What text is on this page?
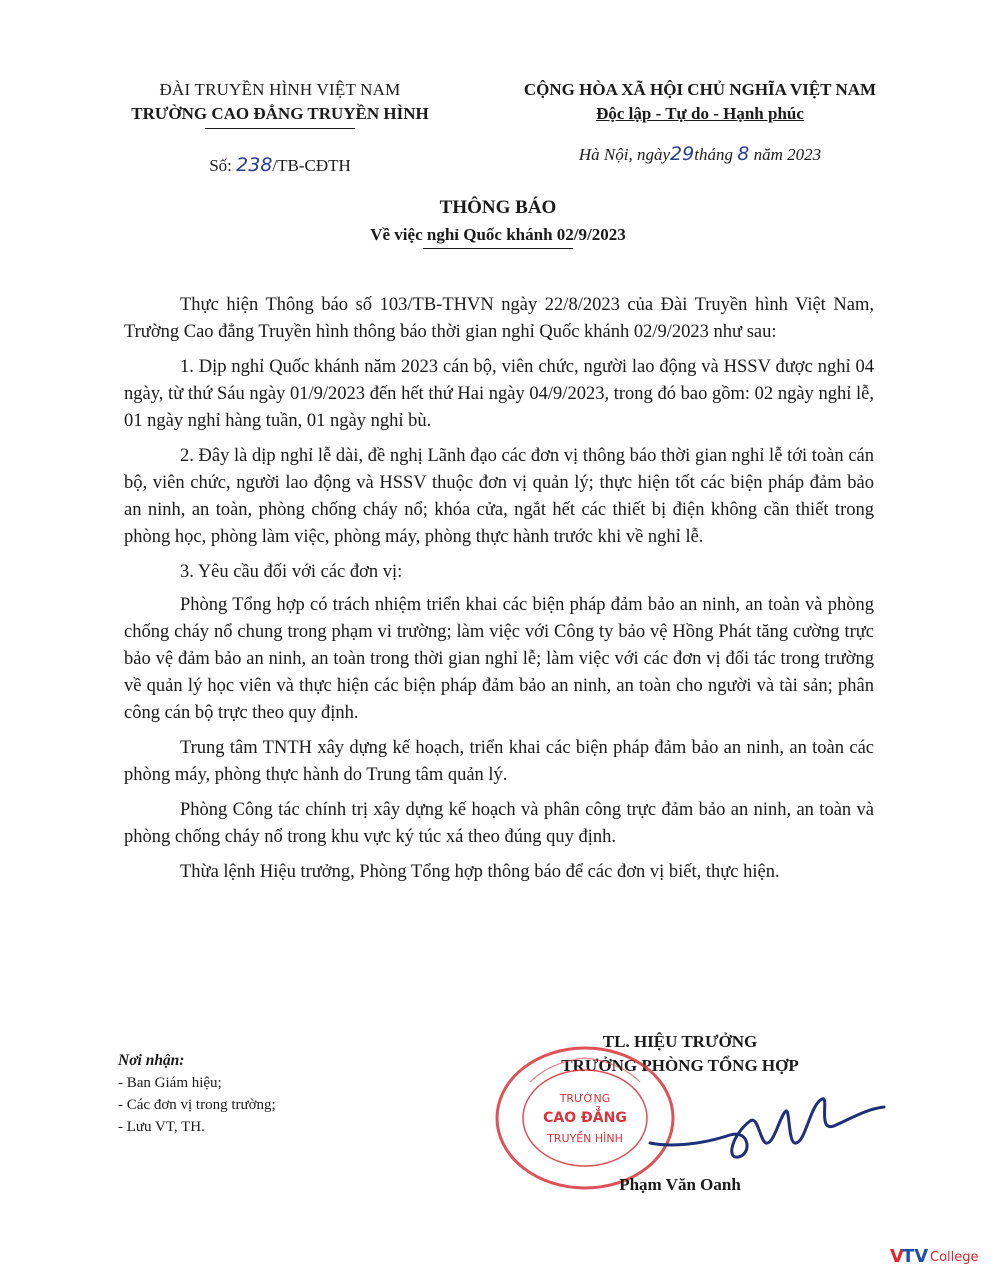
ĐÀI TRUYỀN HÌNH VIỆT NAM
TRƯỜNG CAO ĐẲNG TRUYỀN HÌNH
Số: 238/TB-CĐTH
CỘNG HÒA XÃ HỘI CHỦ NGHĨA VIỆT NAM
Độc lập - Tự do - Hạnh phúc
Hà Nội, ngày29tháng 8 năm 2023
THÔNG BÁO
Về việc nghỉ Quốc khánh 02/9/2023

Thực hiện Thông báo số 103/TB-THVN ngày 22/8/2023 của Đài Truyền hình Việt Nam, Trường Cao đẳng Truyền hình thông báo thời gian nghỉ Quốc khánh 02/9/2023 như sau:

1. Dịp nghỉ Quốc khánh năm 2023 cán bộ, viên chức, người lao động và HSSV được nghỉ 04 ngày, từ thứ Sáu ngày 01/9/2023 đến hết thứ Hai ngày 04/9/2023, trong đó bao gồm: 02 ngày nghỉ lễ, 01 ngày nghỉ hàng tuần, 01 ngày nghỉ bù.

2. Đây là dịp nghỉ lễ dài, đề nghị Lãnh đạo các đơn vị thông báo thời gian nghỉ lễ tới toàn cán bộ, viên chức, người lao động và HSSV thuộc đơn vị quản lý; thực hiện tốt các biện pháp đảm bảo an ninh, an toàn, phòng chống cháy nổ; khóa cửa, ngắt hết các thiết bị điện không cần thiết trong phòng học, phòng làm việc, phòng máy, phòng thực hành trước khi về nghỉ lễ.

3. Yêu cầu đối với các đơn vị:

Phòng Tổng hợp có trách nhiệm triển khai các biện pháp đảm bảo an ninh, an toàn và phòng chống cháy nổ chung trong phạm vi trường; làm việc với Công ty bảo vệ Hồng Phát tăng cường trực bảo vệ đảm bảo an ninh, an toàn trong thời gian nghỉ lễ; làm việc với các đơn vị đối tác trong trường về quản lý học viên và thực hiện các biện pháp đảm bảo an ninh, an toàn cho người và tài sản; phân công cán bộ trực theo quy định.

Trung tâm TNTH xây dựng kế hoạch, triển khai các biện pháp đảm bảo an ninh, an toàn các phòng máy, phòng thực hành do Trung tâm quản lý.

Phòng Công tác chính trị xây dựng kế hoạch và phân công trực đảm bảo an ninh, an toàn và phòng chống cháy nổ trong khu vực ký túc xá theo đúng quy định.

Thừa lệnh Hiệu trưởng, Phòng Tổng hợp thông báo để các đơn vị biết, thực hiện.

Nơi nhận:
- Ban Giám hiệu;
- Các đơn vị trong trường;
- Lưu VT, TH.
TL. HIỆU TRƯỞNG
TRƯỞNG PHÒNG TỔNG HỢP
TRƯỜNG
CAO ĐẲNG
TRUYỀN HÌNH
Phạm Văn Oanh
V
TV College
